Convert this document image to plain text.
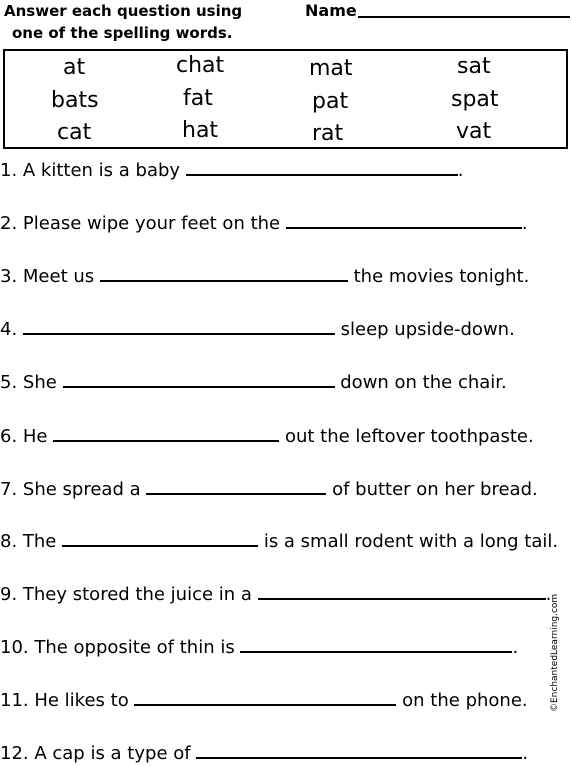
Answer each question using
one of the spelling words.
Name
at	chat	mat	sat
bats	fat	pat	spat
cat	hat	rat	vat
1. A kitten is a baby	.
2. Please wipe your feet on the	.
3. Meet us	the movies tonight.
4.	sleep upside-down.
5. She	down on the chair.
6. He	out the leftover toothpaste.
7. She spread a	of butter on her bread.
8. The	is a small rodent with a long tail.
9. They stored the juice in a	.
10. The opposite of thin is	.
11. He likes to	on the phone.
12. A cap is a type of	.
©EnchantedLearning.com
